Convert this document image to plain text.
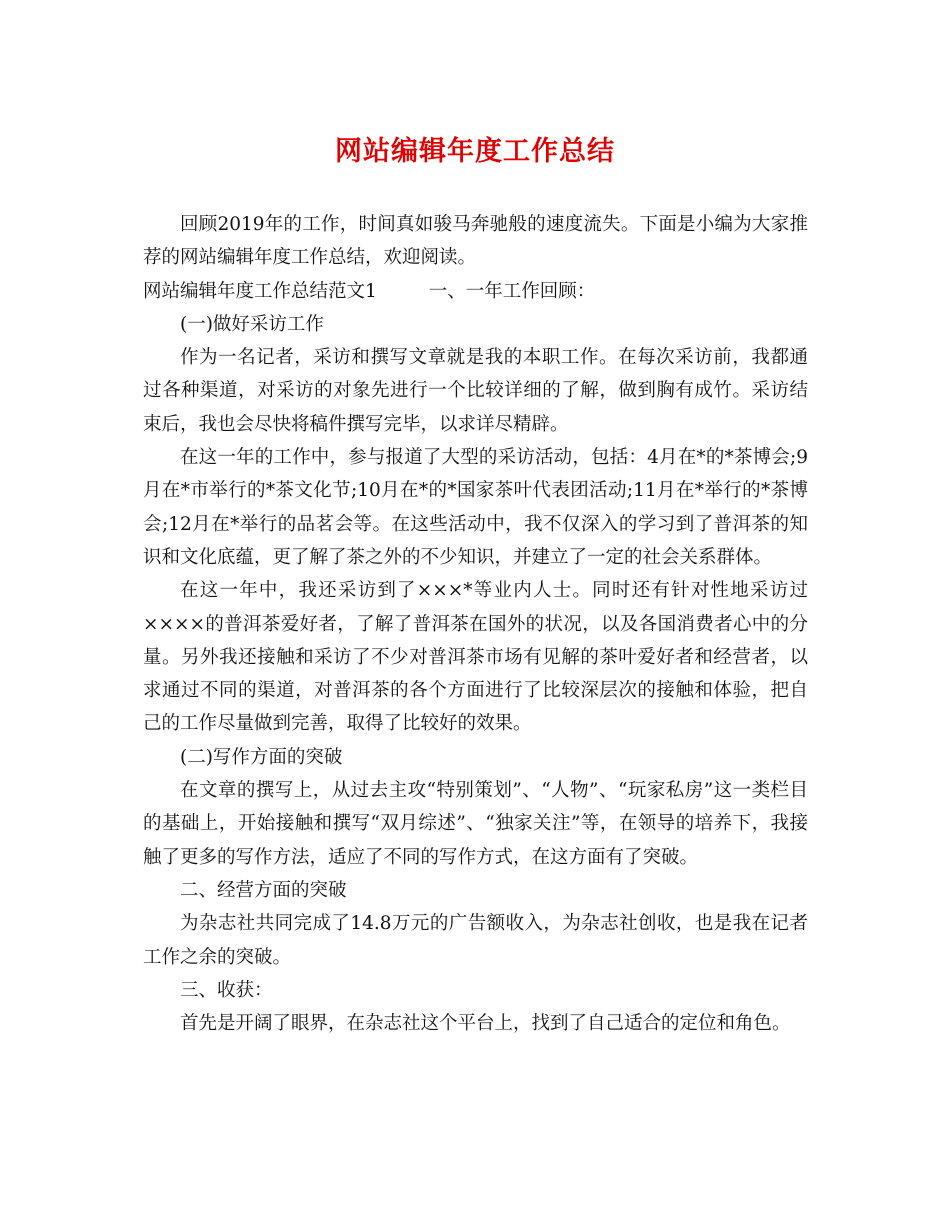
网站编辑年度工作总结

回顾2019年的工作，时间真如骏马奔驰般的速度流失。下面是小编为大家推荐的网站编辑年度工作总结，欢迎阅读。

网站编辑年度工作总结范文1	一、一年工作回顾：

(一)做好采访工作

作为一名记者，采访和撰写文章就是我的本职工作。在每次采访前，我都通过各种渠道，对采访的对象先进行一个比较详细的了解，做到胸有成竹。采访结束后，我也会尽快将稿件撰写完毕，以求详尽精辟。

在这一年的工作中，参与报道了大型的采访活动，包括：4月在*的*茶博会;9月在*市举行的*茶文化节;10月在*的*国家茶叶代表团活动;11月在*举行的*茶博会;12月在*举行的品茗会等。在这些活动中，我不仅深入的学习到了普洱茶的知识和文化底蕴，更了解了茶之外的不少知识，并建立了一定的社会关系群体。

在这一年中，我还采访到了×××*等业内人士。同时还有针对性地采访过××××的普洱茶爱好者，了解了普洱茶在国外的状况，以及各国消费者心中的分量。另外我还接触和采访了不少对普洱茶市场有见解的茶叶爱好者和经营者，以求通过不同的渠道，对普洱茶的各个方面进行了比较深层次的接触和体验，把自己的工作尽量做到完善，取得了比较好的效果。

(二)写作方面的突破

在文章的撰写上，从过去主攻“特别策划”、“人物”、“玩家私房”这一类栏目的基础上，开始接触和撰写“双月综述”、“独家关注”等，在领导的培养下，我接触了更多的写作方法，适应了不同的写作方式，在这方面有了突破。

二、经营方面的突破

为杂志社共同完成了14.8万元的广告额收入，为杂志社创收，也是我在记者工作之余的突破。

三、收获：

首先是开阔了眼界，在杂志社这个平台上，找到了自己适合的定位和角色。
